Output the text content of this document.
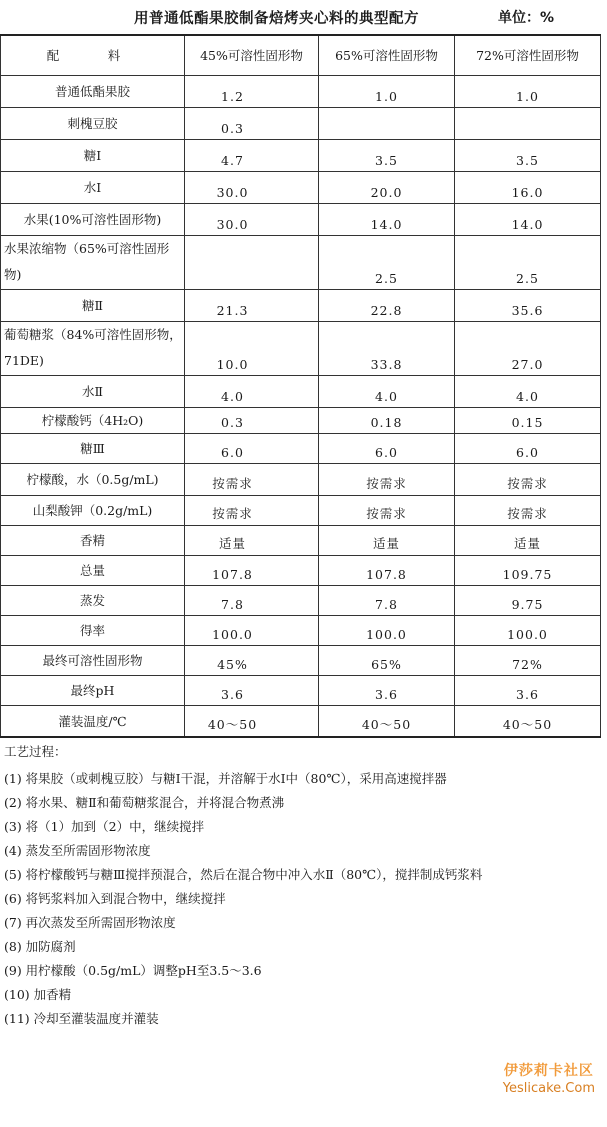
用普通低酯果胶制备焙烤夹心料的典型配方	单位：%
配　料	45%可溶性固形物	65%可溶性固形物	72%可溶性固形物
普通低酯果胶	1.2	1.0	1.0
刺槐豆胶	0.3		
糖Ⅰ	4.7	3.5	3.5
水Ⅰ	30.0	20.0	16.0
水果(10%可溶性固形物)	30.0	14.0	14.0
水果浓缩物（65%可溶性固形物)		2.5	2.5
糖Ⅱ	21.3	22.8	35.6
葡萄糖浆（84%可溶性固形物，71DE)	10.0	33.8	27.0
水Ⅱ	4.0	4.0	4.0
柠檬酸钙（4H₂O)	0.3	0.18	0.15
糖Ⅲ	6.0	6.0	6.0
柠檬酸，水（0.5g/mL)	按需求	按需求	按需求
山梨酸钾（0.2g/mL)	按需求	按需求	按需求
香精	适量	适量	适量
总量	107.8	107.8	109.75
蒸发	7.8	7.8	9.75
得率	100.0	100.0	100.0
最终可溶性固形物	45%	65%	72%
最终pH	3.6	3.6	3.6
灌装温度/℃	40～50	40～50	40～50
工艺过程：
(1) 将果胶（或刺槐豆胶）与糖Ⅰ干混，并溶解于水Ⅰ中（80℃），采用高速搅拌器
(2) 将水果、糖Ⅱ和葡萄糖浆混合，并将混合物煮沸
(3) 将（1）加到（2）中，继续搅拌
(4) 蒸发至所需固形物浓度
(5) 将柠檬酸钙与糖Ⅲ搅拌预混合，然后在混合物中冲入水Ⅱ（80℃），搅拌制成钙浆料
(6) 将钙浆料加入到混合物中，继续搅拌
(7) 再次蒸发至所需固形物浓度
(8) 加防腐剂
(9) 用柠檬酸（0.5g/mL）调整pH至3.5～3.6
(10) 加香精
(11) 冷却至灌装温度并灌装
伊莎莉卡社区
Yeslicake.Com
